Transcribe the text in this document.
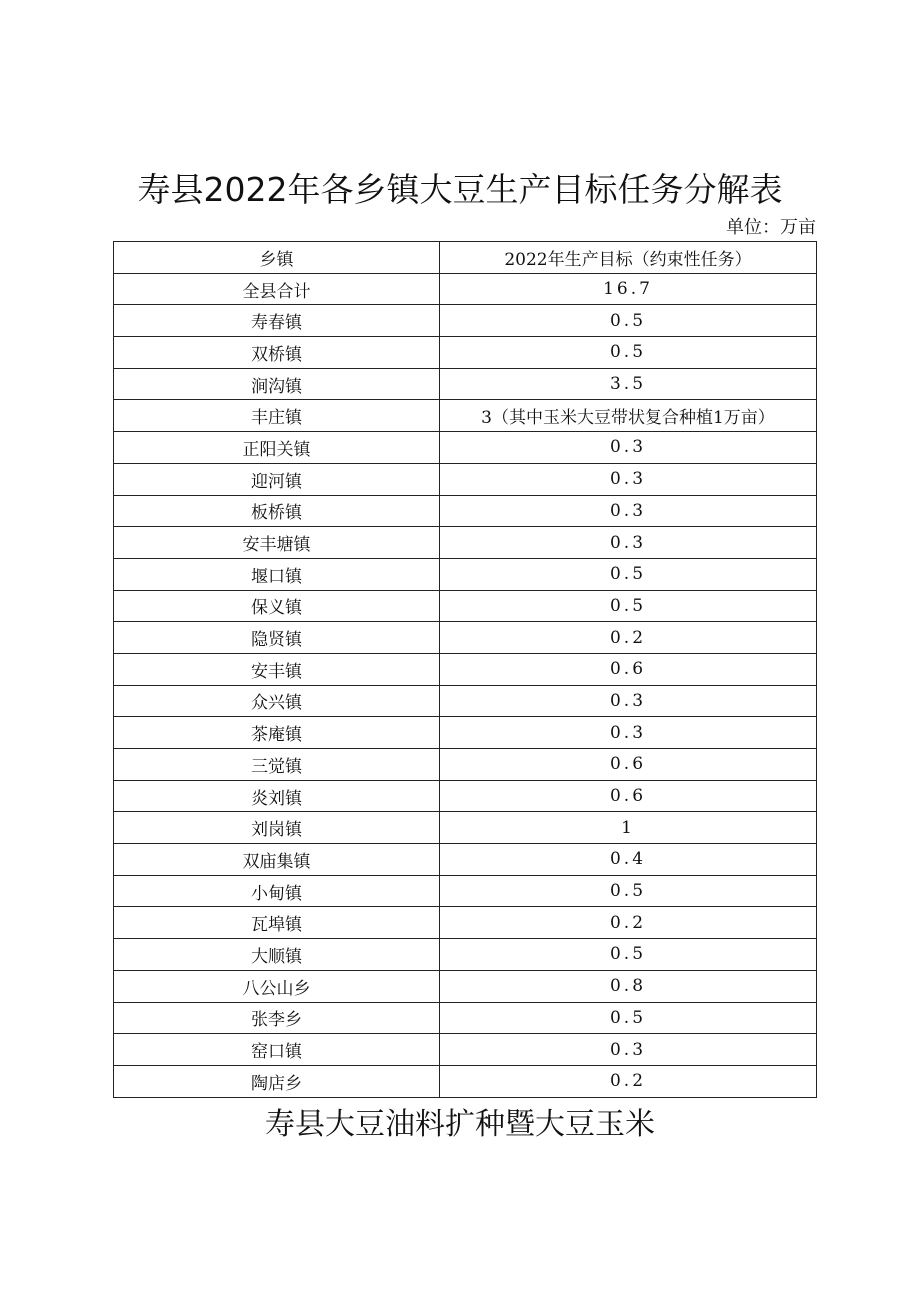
寿县2022年各乡镇大豆生产目标任务分解表
单位：万亩
乡镇	2022年生产目标（约束性任务）
全县合计	16.7
寿春镇	0.5
双桥镇	0.5
涧沟镇	3.5
丰庄镇	3（其中玉米大豆带状复合种植1万亩）
正阳关镇	0.3
迎河镇	0.3
板桥镇	0.3
安丰塘镇	0.3
堰口镇	0.5
保义镇	0.5
隐贤镇	0.2
安丰镇	0.6
众兴镇	0.3
茶庵镇	0.3
三觉镇	0.6
炎刘镇	0.6
刘岗镇	1
双庙集镇	0.4
小甸镇	0.5
瓦埠镇	0.2
大顺镇	0.5
八公山乡	0.8
张李乡	0.5
窑口镇	0.3
陶店乡	0.2
寿县大豆油料扩种暨大豆玉米
